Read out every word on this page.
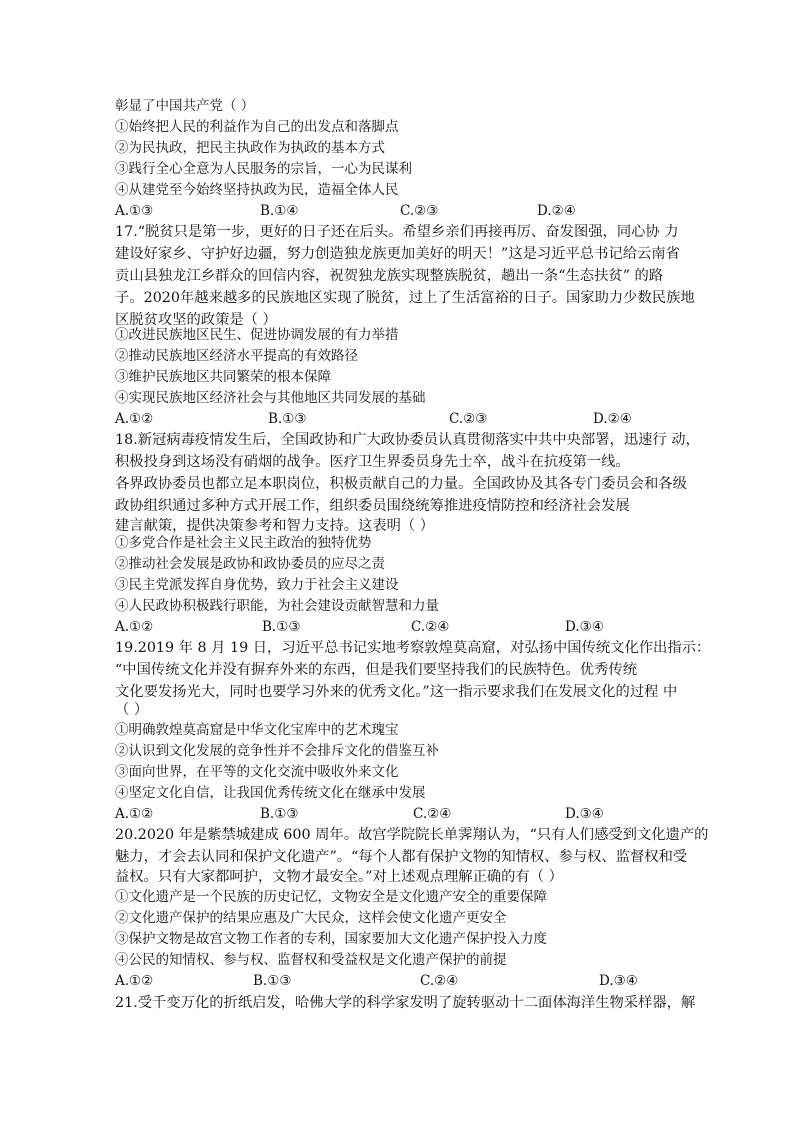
彰显了中国共产党（ ）
①始终把人民的利益作为自己的出发点和落脚点
②为民执政，把民主执政作为执政的基本方式
③践行全心全意为人民服务的宗旨，一心为民谋利
④从建党至今始终坚持执政为民，造福全体人民
A.①③	B.①④	C.②③	D.②④
17.“脱贫只是第一步，更好的日子还在后头。希望乡亲们再接再厉、奋发图强，同心协 力
建设好家乡、守护好边疆，努力创造独龙族更加美好的明天！”这是习近平总书记给云南省
贡山县独龙江乡群众的回信内容，祝贺独龙族实现整族脱贫，趟出一条“生态扶贫” 的路
子。2020年越来越多的民族地区实现了脱贫，过上了生活富裕的日子。国家助力少数民族地
区脱贫攻坚的政策是（ ）
①改进民族地区民生、促进协调发展的有力举措
②推动民族地区经济水平提高的有效路径
③维护民族地区共同繁荣的根本保障
④实现民族地区经济社会与其他地区共同发展的基础
A.①②	B.①③	C.②③	D.②④
18.新冠病毒疫情发生后，全国政协和广大政协委员认真贯彻落实中共中央部署，迅速行 动，
积极投身到这场没有硝烟的战争。医疗卫生界委员身先士卒，战斗在抗疫第一线。
各界政协委员也都立足本职岗位，积极贡献自己的力量。全国政协及其各专门委员会和各级
政协组织通过多种方式开展工作，组织委员围绕统筹推进疫情防控和经济社会发展
建言献策，提供决策参考和智力支持。这表明（ ）
①多党合作是社会主义民主政治的独特优势
②推动社会发展是政协和政协委员的应尽之责
③民主党派发挥自身优势，致力于社会主义建设
④人民政协积极践行职能，为社会建设贡献智慧和力量
A.①②	B.①③	C.②④	D.③④
19.2019 年 8 月 19 日，习近平总书记实地考察敦煌莫高窟，对弘扬中国传统文化作出指示：
“中国传统文化并没有摒弃外来的东西，但是我们要坚持我们的民族特色。优秀传统
文化要发扬光大，同时也要学习外来的优秀文化。”这一指示要求我们在发展文化的过程 中
（ ）
①明确敦煌莫高窟是中华文化宝库中的艺术瑰宝
②认识到文化发展的竞争性并不会排斥文化的借鉴互补
③面向世界，在平等的文化交流中吸收外来文化
④坚定文化自信，让我国优秀传统文化在继承中发展
A.①②	B.①③	C.②④	D.③④
20.2020 年是紫禁城建成 600 周年。故宫学院院长单霁翔认为，“只有人们感受到文化遗产的
魅力，才会去认同和保护文化遗产”。“每个人都有保护文物的知情权、参与权、监督权和受
益权。只有大家都呵护，文物才最安全。”对上述观点理解正确的有（ ）
①文化遗产是一个民族的历史记忆，文物安全是文化遗产安全的重要保障
②文化遗产保护的结果应惠及广大民众，这样会使文化遗产更安全
③保护文物是故宫文物工作者的专利，国家要加大文化遗产保护投入力度
④公民的知情权、参与权、监督权和受益权是文化遗产保护的前提
A.①②	B.①③	C.②④	D.③④
21.受千变万化的折纸启发，哈佛大学的科学家发明了旋转驱动十二面体海洋生物采样器，解
